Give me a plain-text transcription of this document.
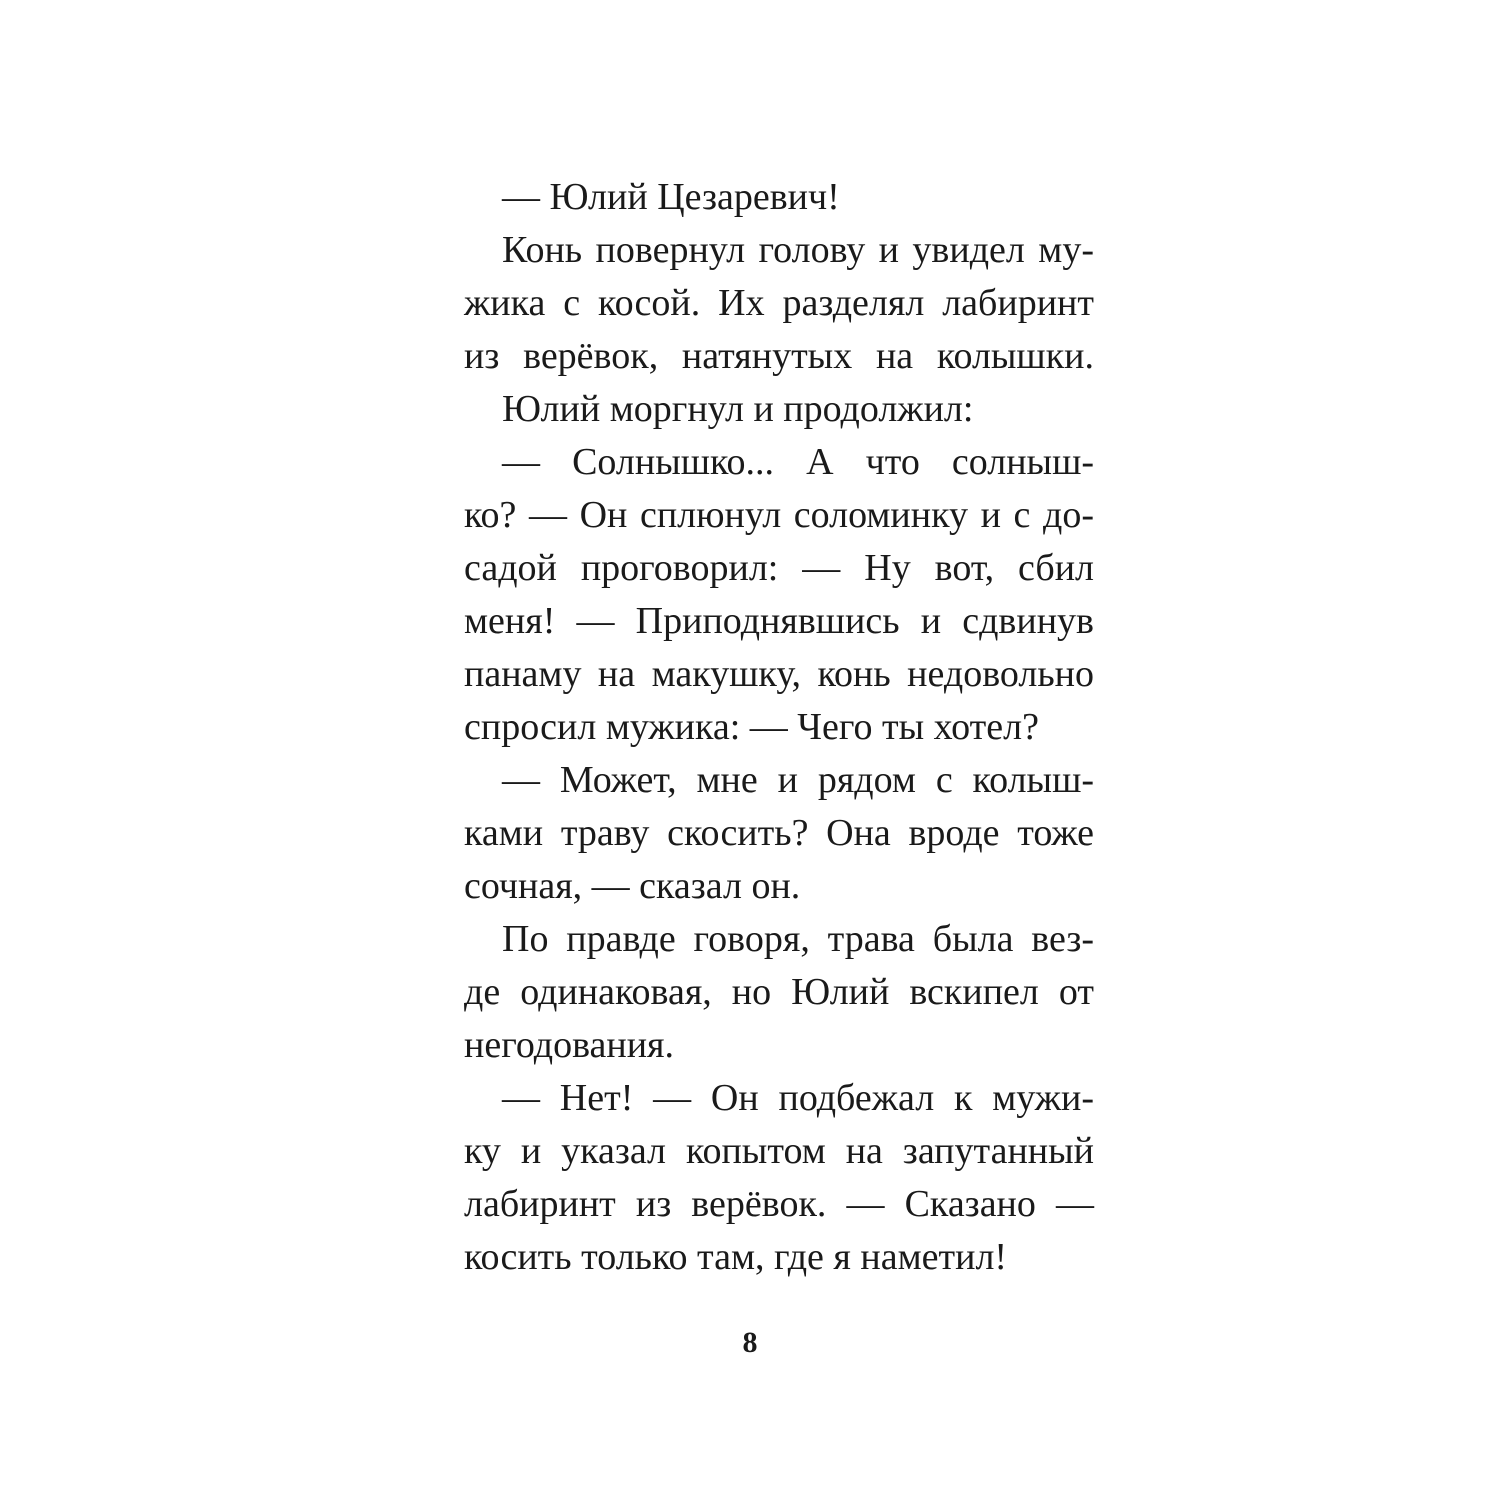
— Юлий Цезаревич!
Конь повернул голову и увидел му-
жика с косой. Их разделял лабиринт
из верёвок, натянутых на колышки.
Юлий моргнул и продолжил:
— Солнышко... А что солныш-
ко? — Он сплюнул соломинку и с до-
садой проговорил: — Ну вот, сбил
меня! — Приподнявшись и сдвинув
панаму на макушку, конь недовольно
спросил мужика: — Чего ты хотел?
— Может, мне и рядом с колыш-
ками траву скосить? Она вроде тоже
сочная, — сказал он.
По правде говоря, трава была вез-
де одинаковая, но Юлий вскипел от
негодования.
— Нет! — Он подбежал к мужи-
ку и указал копытом на запутанный
лабиринт из верёвок. — Сказано —
косить только там, где я наметил!
8
